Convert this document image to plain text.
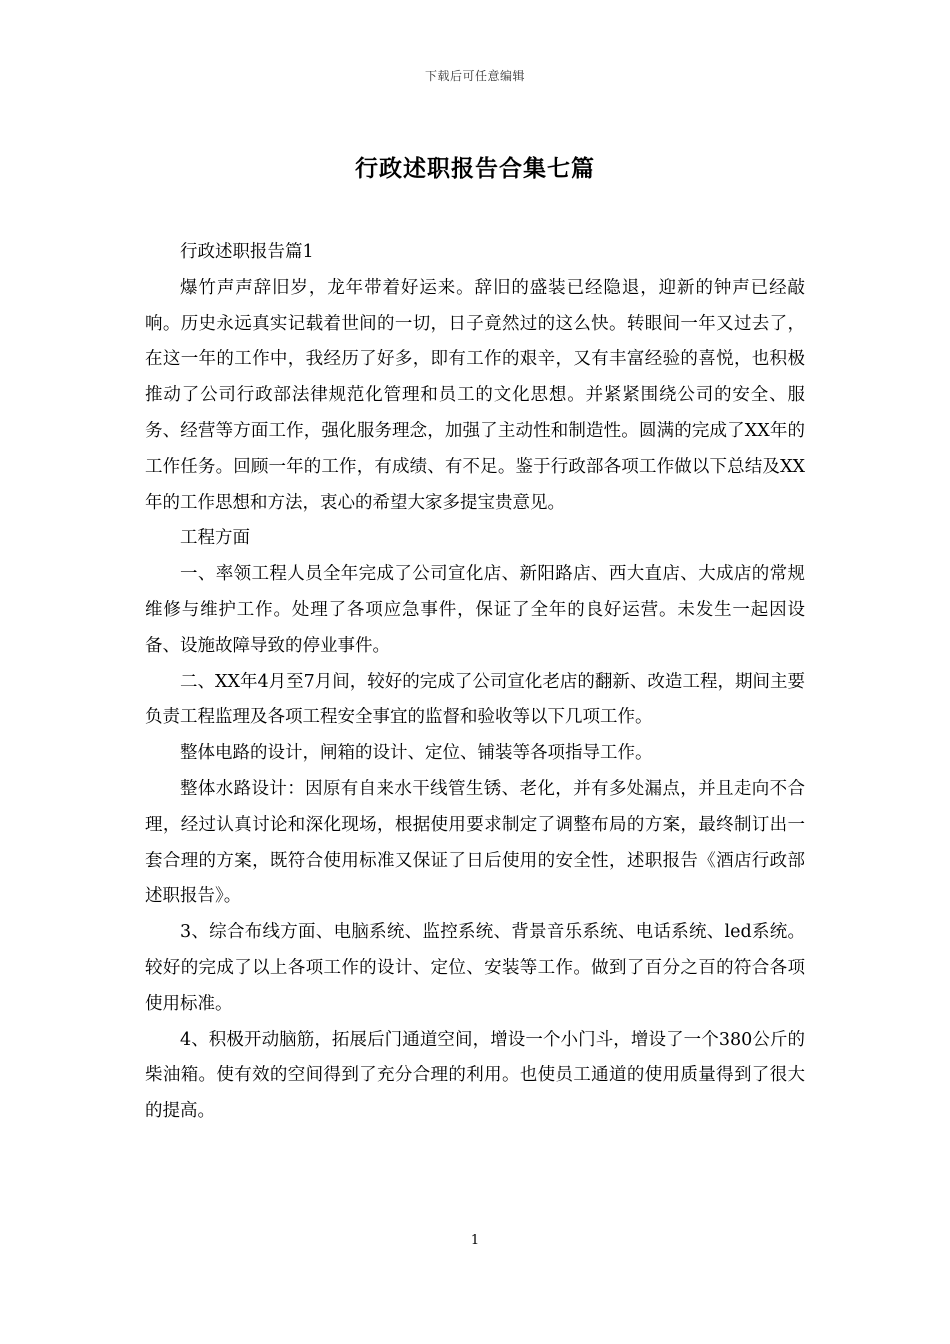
下载后可任意编辑
行政述职报告合集七篇

行政述职报告篇1

爆竹声声辞旧岁，龙年带着好运来。辞旧的盛装已经隐退，迎新的钟声已经敲响。历史永远真实记载着世间的一切，日子竟然过的这么快。转眼间一年又过去了，在这一年的工作中，我经历了好多，即有工作的艰辛，又有丰富经验的喜悦，也积极推动了公司行政部法律规范化管理和员工的文化思想。并紧紧围绕公司的安全、服务、经营等方面工作，强化服务理念，加强了主动性和制造性。圆满的完成了XX年的工作任务。回顾一年的工作，有成绩、有不足。鉴于行政部各项工作做以下总结及XX年的工作思想和方法，衷心的希望大家多提宝贵意见。

工程方面

一、率领工程人员全年完成了公司宣化店、新阳路店、西大直店、大成店的常规维修与维护工作。处理了各项应急事件，保证了全年的良好运营。未发生一起因设备、设施故障导致的停业事件。

二、XX年4月至7月间，较好的完成了公司宣化老店的翻新、改造工程，期间主要负责工程监理及各项工程安全事宜的监督和验收等以下几项工作。

整体电路的设计，闸箱的设计、定位、铺装等各项指导工作。

整体水路设计：因原有自来水干线管生锈、老化，并有多处漏点，并且走向不合理，经过认真讨论和深化现场，根据使用要求制定了调整布局的方案，最终制订出一套合理的方案，既符合使用标准又保证了日后使用的安全性，述职报告《酒店行政部述职报告》。

3、综合布线方面、电脑系统、监控系统、背景音乐系统、电话系统、led系统。较好的完成了以上各项工作的设计、定位、安装等工作。做到了百分之百的符合各项使用标准。

4、积极开动脑筋，拓展后门通道空间，增设一个小门斗，增设了一个380公斤的柴油箱。使有效的空间得到了充分合理的利用。也使员工通道的使用质量得到了很大的提高。

1
